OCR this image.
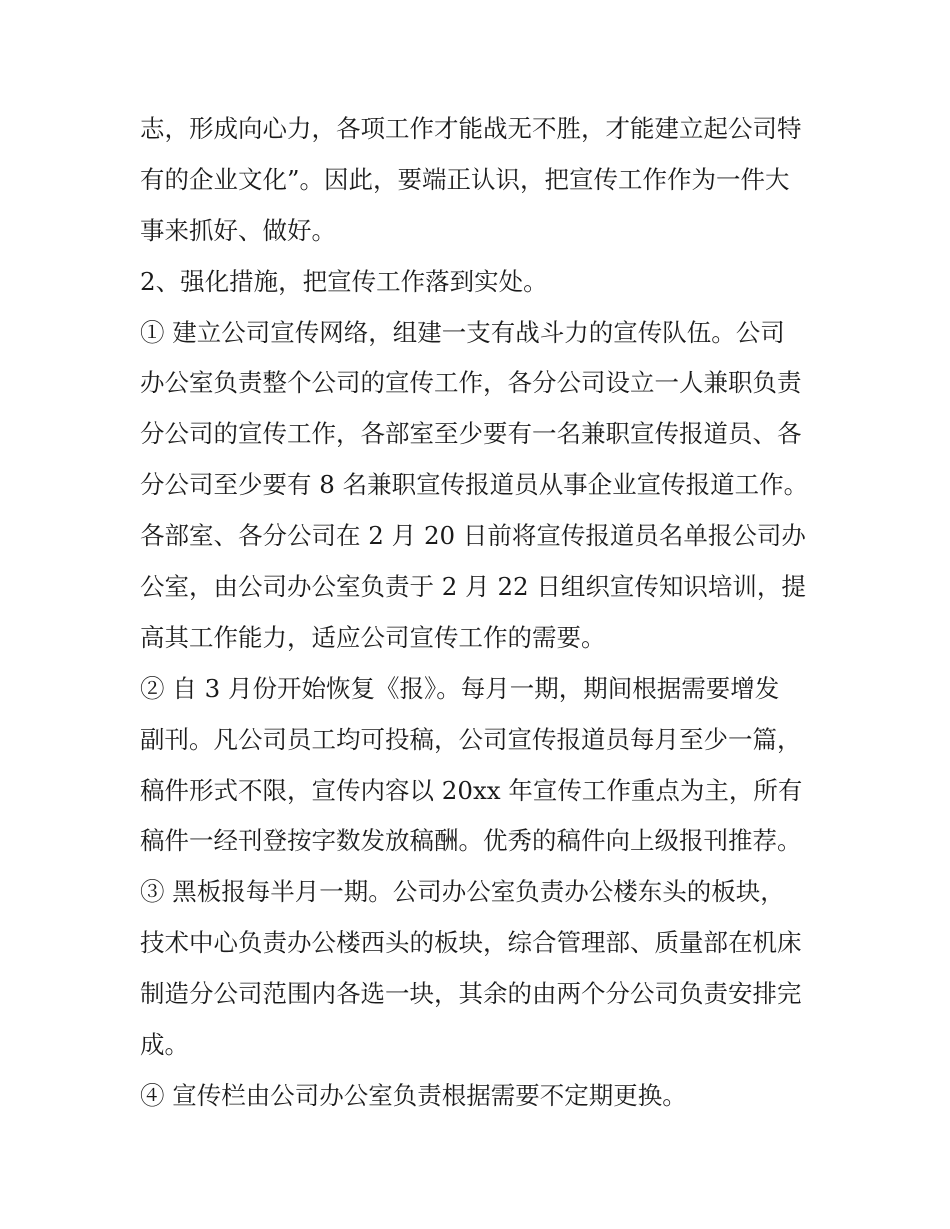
志，形成向心力，各项工作才能战无不胜，才能建立起公司特
有的企业文化”。因此，要端正认识，把宣传工作作为一件大
事来抓好、做好。
2、强化措施，把宣传工作落到实处。
① 建立公司宣传网络，组建一支有战斗力的宣传队伍。公司
办公室负责整个公司的宣传工作，各分公司设立一人兼职负责
分公司的宣传工作，各部室至少要有一名兼职宣传报道员、各
分公司至少要有 8 名兼职宣传报道员从事企业宣传报道工作。
各部室、各分公司在 2 月 20 日前将宣传报道员名单报公司办
公室，由公司办公室负责于 2 月 22 日组织宣传知识培训，提
高其工作能力，适应公司宣传工作的需要。
② 自 3 月份开始恢复《报》。每月一期，期间根据需要增发
副刊。凡公司员工均可投稿，公司宣传报道员每月至少一篇，
稿件形式不限，宣传内容以 20xx 年宣传工作重点为主，所有
稿件一经刊登按字数发放稿酬。优秀的稿件向上级报刊推荐。
③ 黑板报每半月一期。公司办公室负责办公楼东头的板块，
技术中心负责办公楼西头的板块，综合管理部、质量部在机床
制造分公司范围内各选一块，其余的由两个分公司负责安排完
成。
④ 宣传栏由公司办公室负责根据需要不定期更换。
